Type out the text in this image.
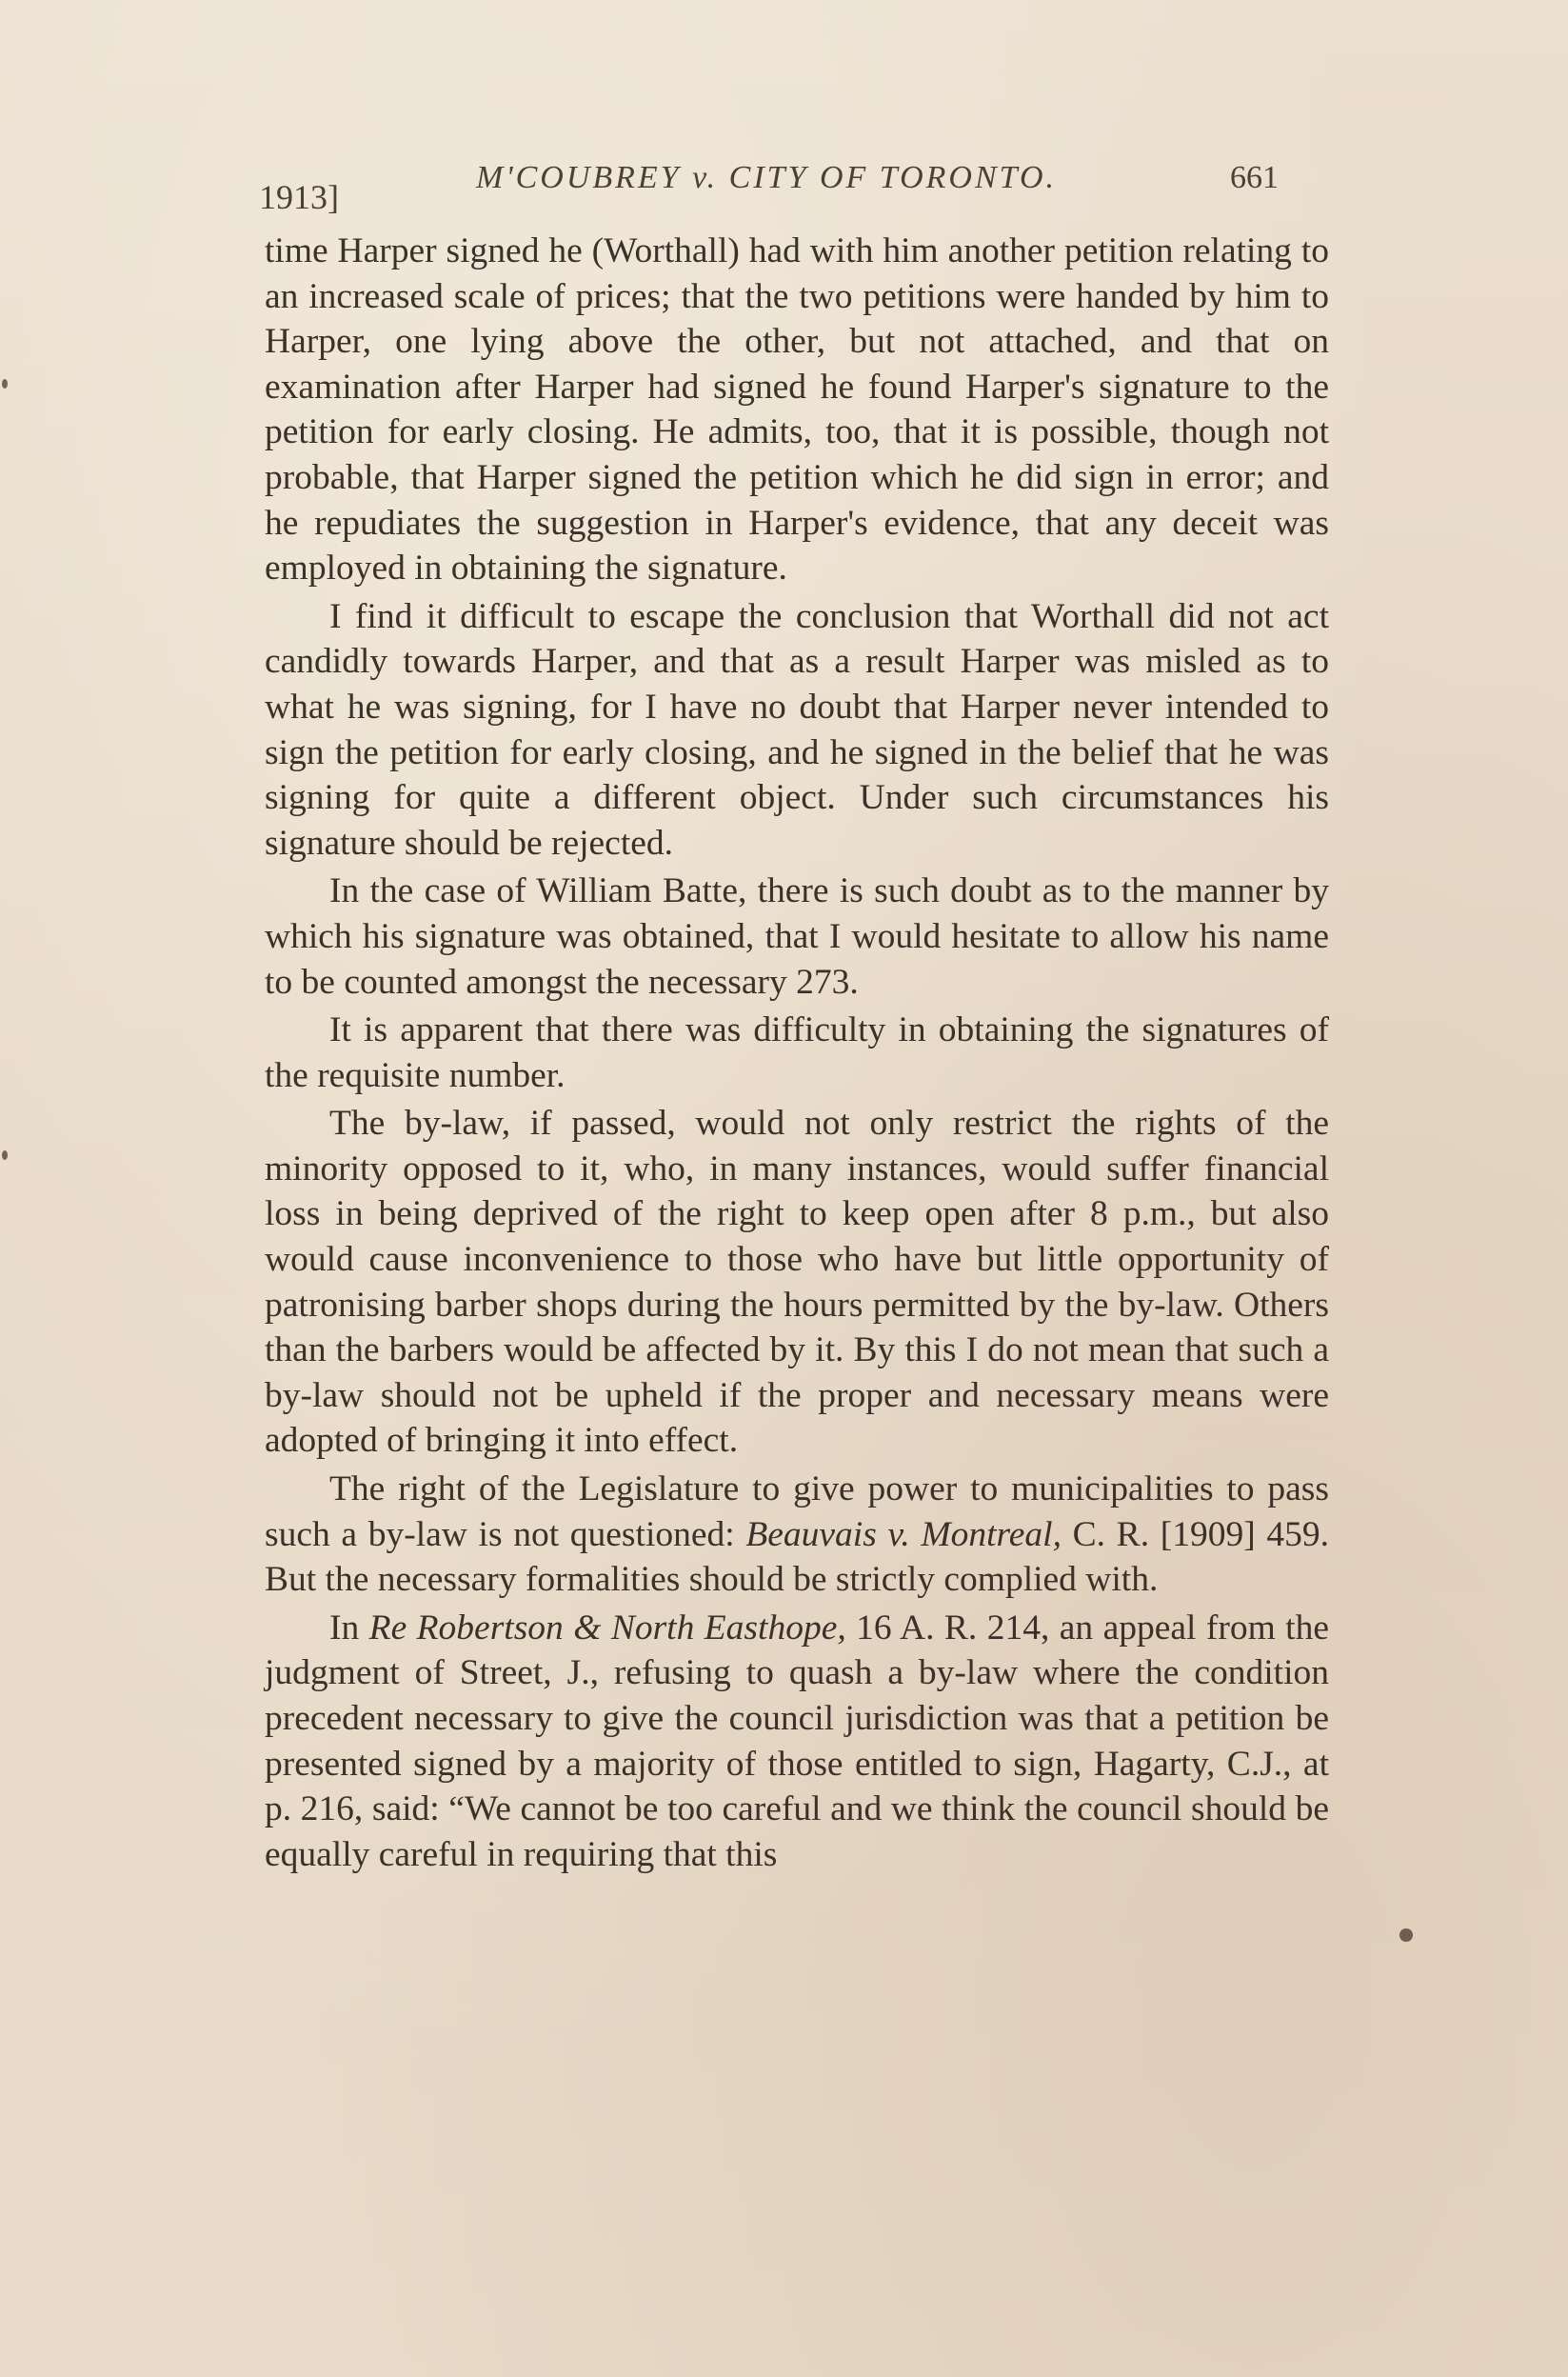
1913]
M'COUBREY v. CITY OF TORONTO.	661

time Harper signed he (Worthall) had with him another petition relating to an increased scale of prices; that the two petitions were handed by him to Harper, one lying above the other, but not attached, and that on examination after Harper had signed he found Harper's signature to the petition for early closing. He admits, too, that it is possible, though not probable, that Harper signed the petition which he did sign in error; and he repudiates the suggestion in Harper's evidence, that any deceit was employed in obtaining the signature.

I find it difficult to escape the conclusion that Worthall did not act candidly towards Harper, and that as a result Harper was misled as to what he was signing, for I have no doubt that Harper never intended to sign the petition for early closing, and he signed in the belief that he was signing for quite a different object. Under such circumstances his signature should be rejected.

In the case of William Batte, there is such doubt as to the manner by which his signature was obtained, that I would hesitate to allow his name to be counted amongst the necessary 273.

It is apparent that there was difficulty in obtaining the signatures of the requisite number.

The by-law, if passed, would not only restrict the rights of the minority opposed to it, who, in many instances, would suffer financial loss in being deprived of the right to keep open after 8 p.m., but also would cause inconvenience to those who have but little opportunity of patronising barber shops during the hours permitted by the by-law. Others than the barbers would be affected by it. By this I do not mean that such a by-law should not be upheld if the proper and necessary means were adopted of bringing it into effect.

The right of the Legislature to give power to municipalities to pass such a by-law is not questioned: Beauvais v. Montreal, C. R. [1909] 459. But the necessary formalities should be strictly complied with.

In Re Robertson & North Easthope, 16 A. R. 214, an appeal from the judgment of Street, J., refusing to quash a by-law where the condition precedent necessary to give the council jurisdiction was that a petition be presented signed by a majority of those entitled to sign, Hagarty, C.J., at p. 216, said: “We cannot be too careful and we think the council should be equally careful in requiring that this
